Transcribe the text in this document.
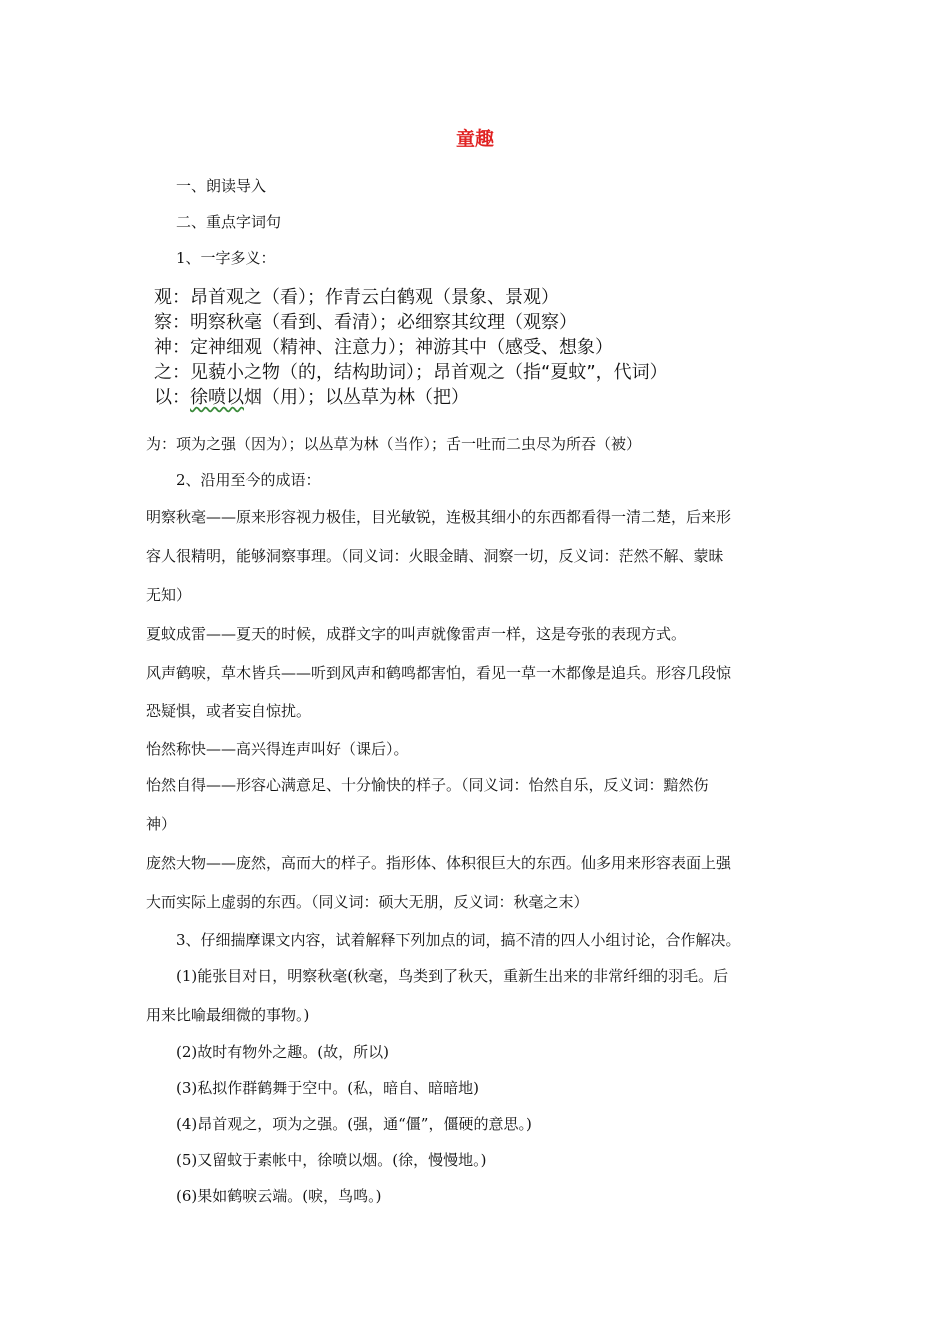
童趣
一、朗读导入
二、重点字词句
1、一字多义：
观：昂首观之（看）；作青云白鹤观（景象、景观）
察：明察秋毫（看到、看清）；必细察其纹理（观察）
神：定神细观（精神、注意力）；神游其中（感受、想象）
之：见藐小之物（的，结构助词）；昂首观之（指“夏蚊”，代词）
以：徐喷以烟（用）；以丛草为林（把）
为：项为之强（因为）；以丛草为林（当作）；舌一吐而二虫尽为所吞（被）
2、沿用至今的成语：
明察秋毫——原来形容视力极佳，目光敏锐，连极其细小的东西都看得一清二楚，后来形
容人很精明，能够洞察事理。（同义词：火眼金睛、洞察一切，反义词：茫然不解、蒙昧
无知）
夏蚊成雷——夏天的时候，成群文字的叫声就像雷声一样，这是夸张的表现方式。
风声鹤唳，草木皆兵——听到风声和鹤鸣都害怕，看见一草一木都像是追兵。形容几段惊
恐疑惧，或者妄自惊扰。
怡然称快——高兴得连声叫好（课后）。
怡然自得——形容心满意足、十分愉快的样子。（同义词：怡然自乐，反义词：黯然伤
神）
庞然大物——庞然，高而大的样子。指形体、体积很巨大的东西。仙多用来形容表面上强
大而实际上虚弱的东西。（同义词：硕大无朋，反义词：秋毫之末）
3、仔细揣摩课文内容，试着解释下列加点的词，搞不清的四人小组讨论，合作解决。
(1)能张目对日，明察秋毫(秋毫，鸟类到了秋天，重新生出来的非常纤细的羽毛。后
用来比喻最细微的事物。)
(2)故时有物外之趣。(故，所以)
(3)私拟作群鹤舞于空中。(私，暗自、暗暗地)
(4)昂首观之，项为之强。(强，通“僵”，僵硬的意思。)
(5)又留蚊于素帐中，徐喷以烟。(徐，慢慢地。)
(6)果如鹤唳云端。(唳，鸟鸣。)
